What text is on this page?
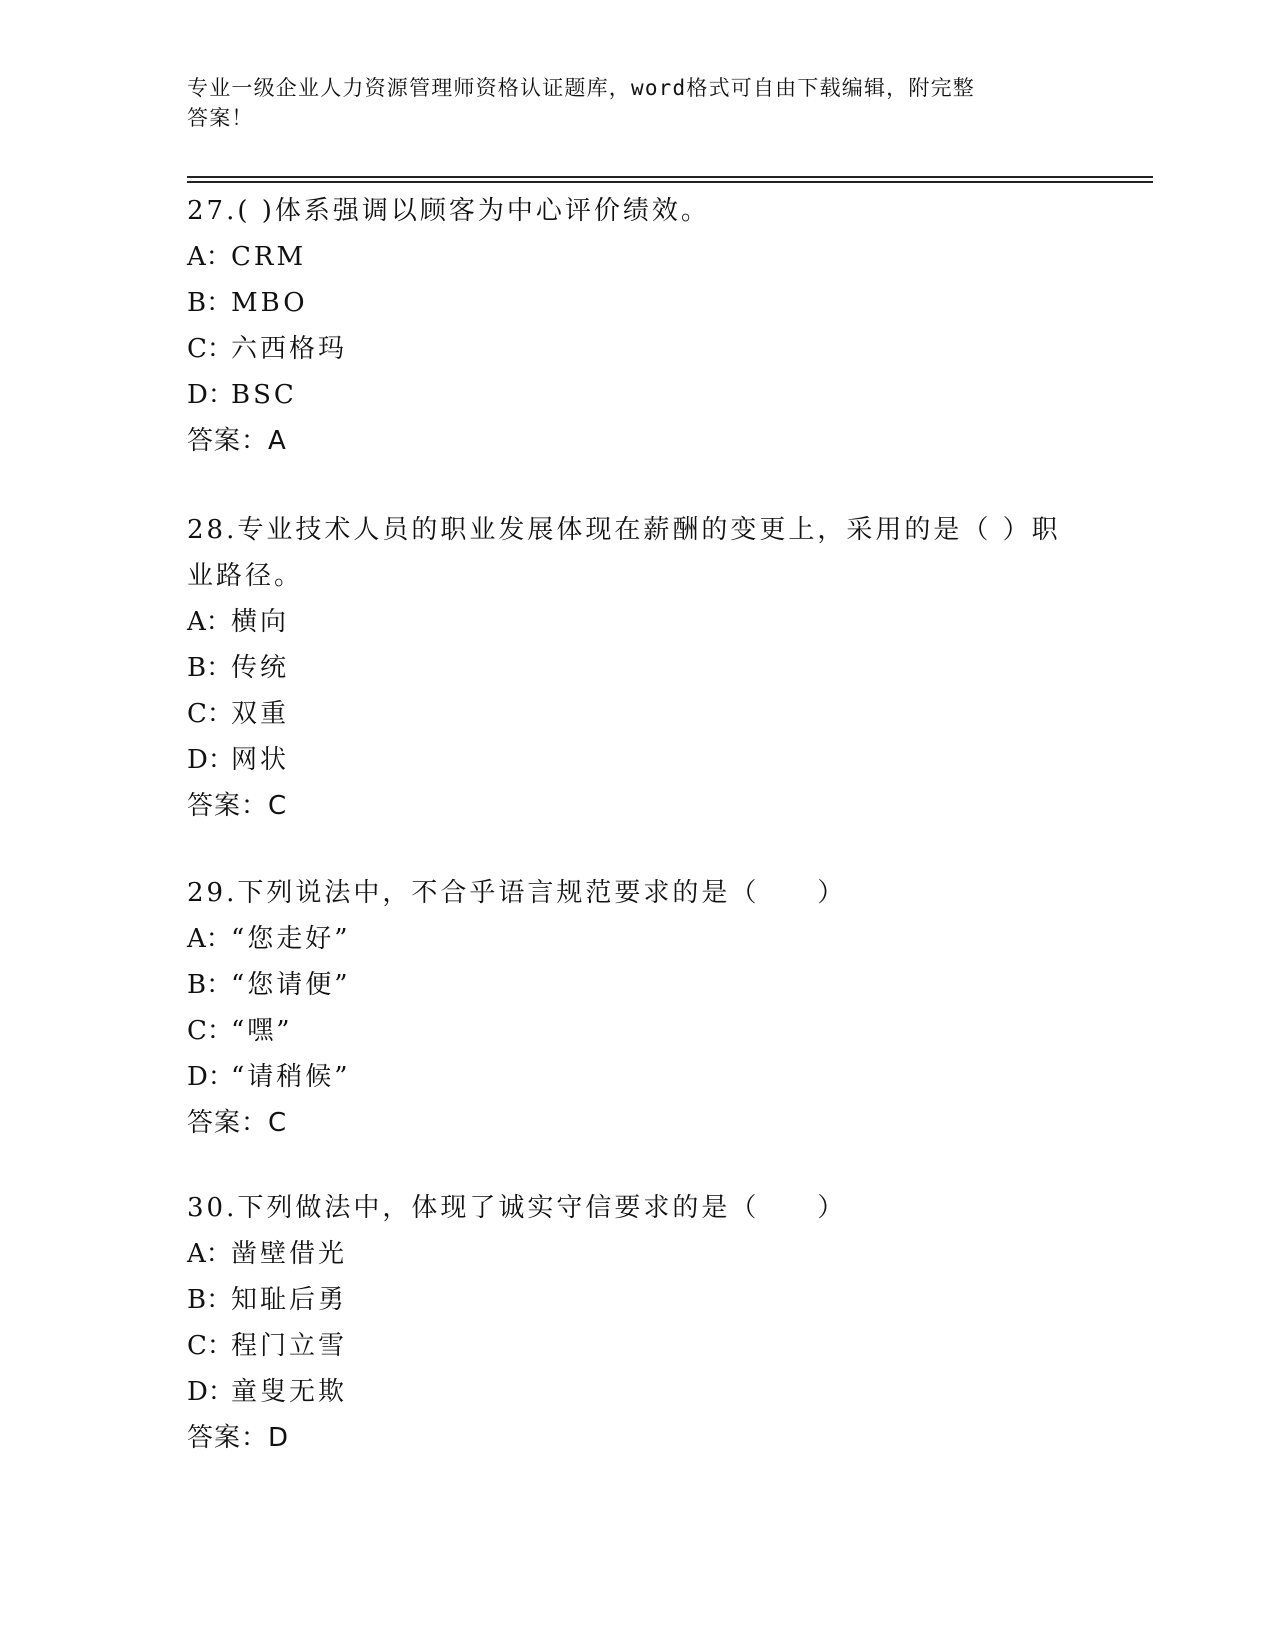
专业一级企业人力资源管理师资格认证题库，word格式可自由下载编辑，附完整
答案！
27.( )体系强调以顾客为中心评价绩效。
A：CRM
B：MBO
C：六西格玛
D：BSC
答案：A
28.专业技术人员的职业发展体现在薪酬的变更上，采用的是（ ）职
业路径。
A：横向
B：传统
C：双重
D：网状
答案：C
29.下列说法中，不合乎语言规范要求的是（　　）
A：“您走好”
B：“您请便”
C：“嘿”
D：“请稍候”
答案：C
30.下列做法中，体现了诚实守信要求的是（　　）
A：凿壁借光
B：知耻后勇
C：程门立雪
D：童叟无欺
答案：D
